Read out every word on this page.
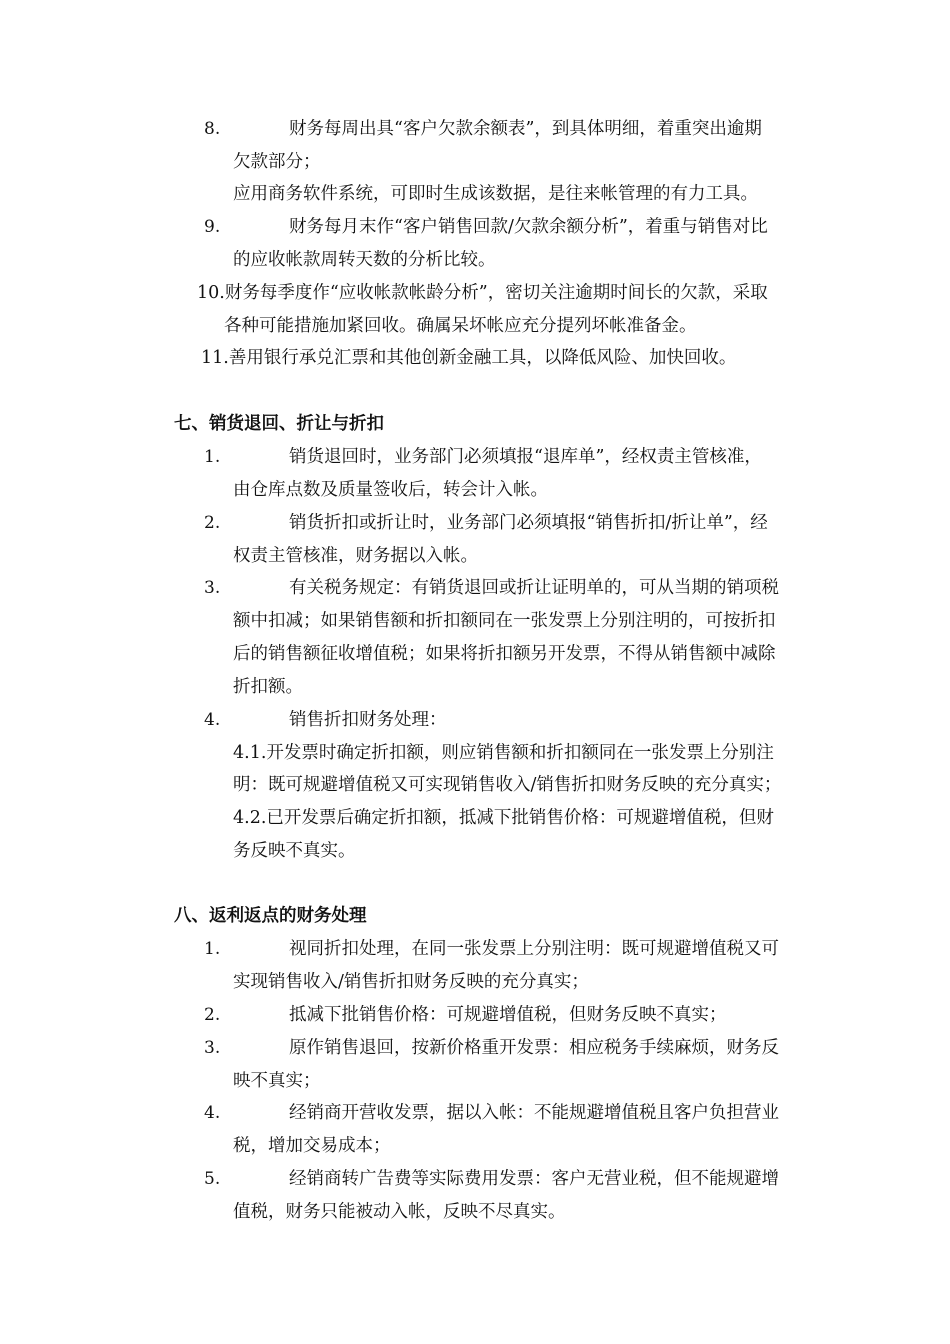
8.	财务每周出具“客户欠款余额表”，到具体明细，着重突出逾期
欠款部分；
应用商务软件系统，可即时生成该数据，是往来帐管理的有力工具。
9.	财务每月末作“客户销售回款/欠款余额分析”，着重与销售对比
的应收帐款周转天数的分析比较。
10.财务每季度作“应收帐款帐龄分析”，密切关注逾期时间长的欠款，采取
各种可能措施加紧回收。确属呆坏帐应充分提列坏帐准备金。
11.善用银行承兑汇票和其他创新金融工具，以降低风险、加快回收。
七、销货退回、折让与折扣
1.	销货退回时，业务部门必须填报“退库单”，经权责主管核准，
由仓库点数及质量签收后，转会计入帐。
2.	销货折扣或折让时，业务部门必须填报“销售折扣/折让单”，经
权责主管核准，财务据以入帐。
3.	有关税务规定：有销货退回或折让证明单的，可从当期的销项税
额中扣减；如果销售额和折扣额同在一张发票上分别注明的，可按折扣
后的销售额征收增值税；如果将折扣额另开发票，不得从销售额中减除
折扣额。
4.	销售折扣财务处理：
4.1.开发票时确定折扣额，则应销售额和折扣额同在一张发票上分别注
明：既可规避增值税又可实现销售收入/销售折扣财务反映的充分真实；
4.2.已开发票后确定折扣额，抵减下批销售价格：可规避增值税，但财
务反映不真实。
八、返利返点的财务处理
1.	视同折扣处理，在同一张发票上分别注明：既可规避增值税又可
实现销售收入/销售折扣财务反映的充分真实；
2.	抵减下批销售价格：可规避增值税，但财务反映不真实；
3.	原作销售退回，按新价格重开发票：相应税务手续麻烦，财务反
映不真实；
4.	经销商开营收发票，据以入帐：不能规避增值税且客户负担营业
税，增加交易成本；
5.	经销商转广告费等实际费用发票：客户无营业税，但不能规避增
值税，财务只能被动入帐，反映不尽真实。
